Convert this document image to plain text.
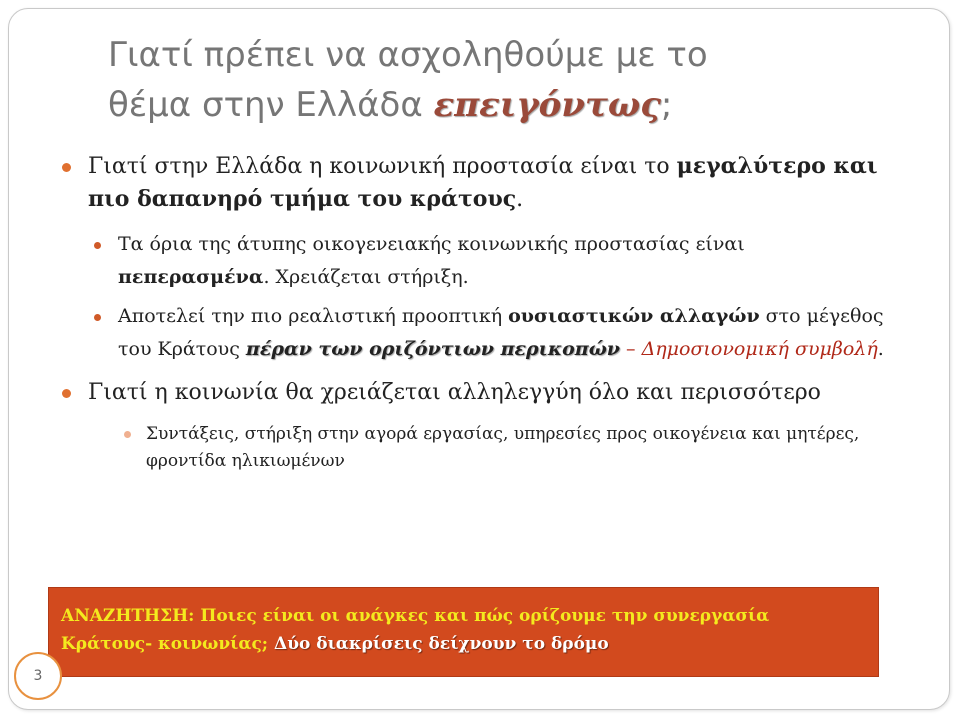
Γιατί πρέπει να ασχοληθούμε με το
θέμα στην Ελλάδα επειγόντως;
Γιατί στην Ελλάδα η κοινωνική προστασία είναι το μεγαλύτερο και πιο δαπανηρό τμήμα του κράτους.
Τα όρια της άτυπης οικογενειακής κοινωνικής προστασίας είναι πεπερασμένα. Χρειάζεται στήριξη.
Αποτελεί την πιο ρεαλιστική προοπτική ουσιαστικών αλλαγών στο μέγεθος του Κράτους πέραν των οριζόντιων περικοπών – Δημοσιονομική συμβολή.
Γιατί η κοινωνία θα χρειάζεται αλληλεγγύη όλο και περισσότερο
Συντάξεις, στήριξη στην αγορά εργασίας, υπηρεσίες προς οικογένεια και μητέρες, φροντίδα ηλικιωμένων
ΑΝΑΖΗΤΗΣΗ: Ποιες είναι οι ανάγκες και πώς ορίζουμε την συνεργασία Κράτους- κοινωνίας; Δύο διακρίσεις δείχνουν το δρόμο
3
